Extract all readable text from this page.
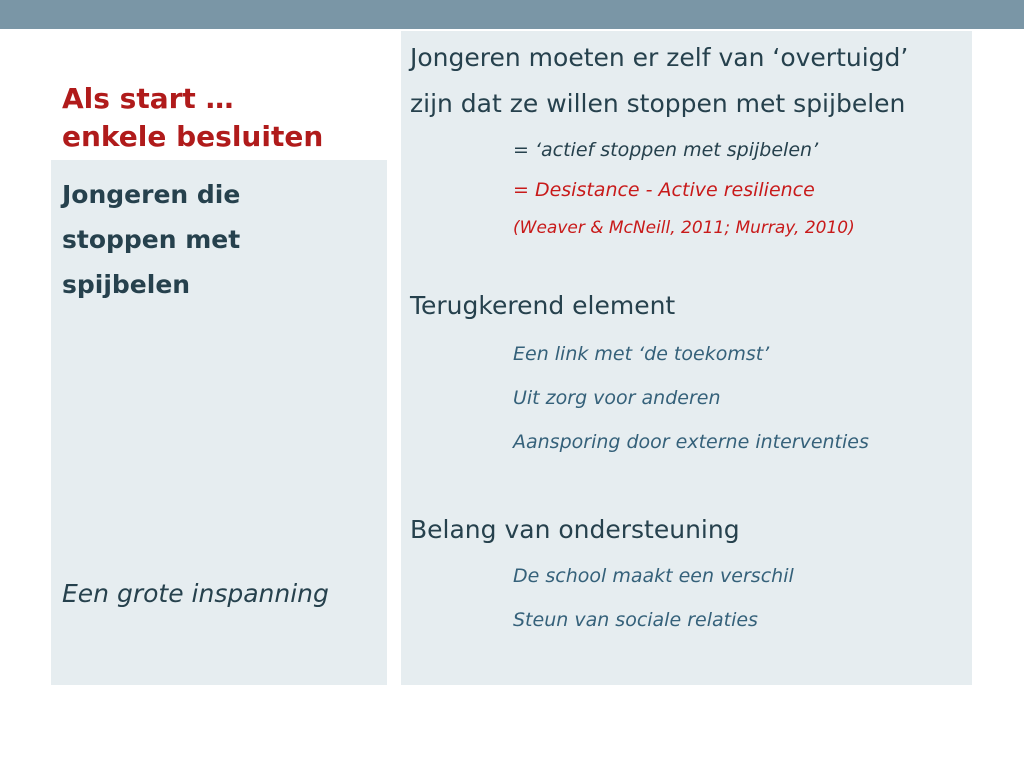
Als start …
enkele besluiten
Jongeren die stoppen met spijbelen
Een grote inspanning
Jongeren moeten er zelf van ‘overtuigd’
zijn dat ze willen stoppen met spijbelen
= ‘actief stoppen met spijbelen’
= Desistance - Active resilience
(Weaver & McNeill, 2011; Murray, 2010)
Terugkerend element
Een link met ‘de toekomst’
Uit zorg voor anderen
Aansporing door externe interventies
Belang van ondersteuning
De school maakt een verschil
Steun van sociale relaties
